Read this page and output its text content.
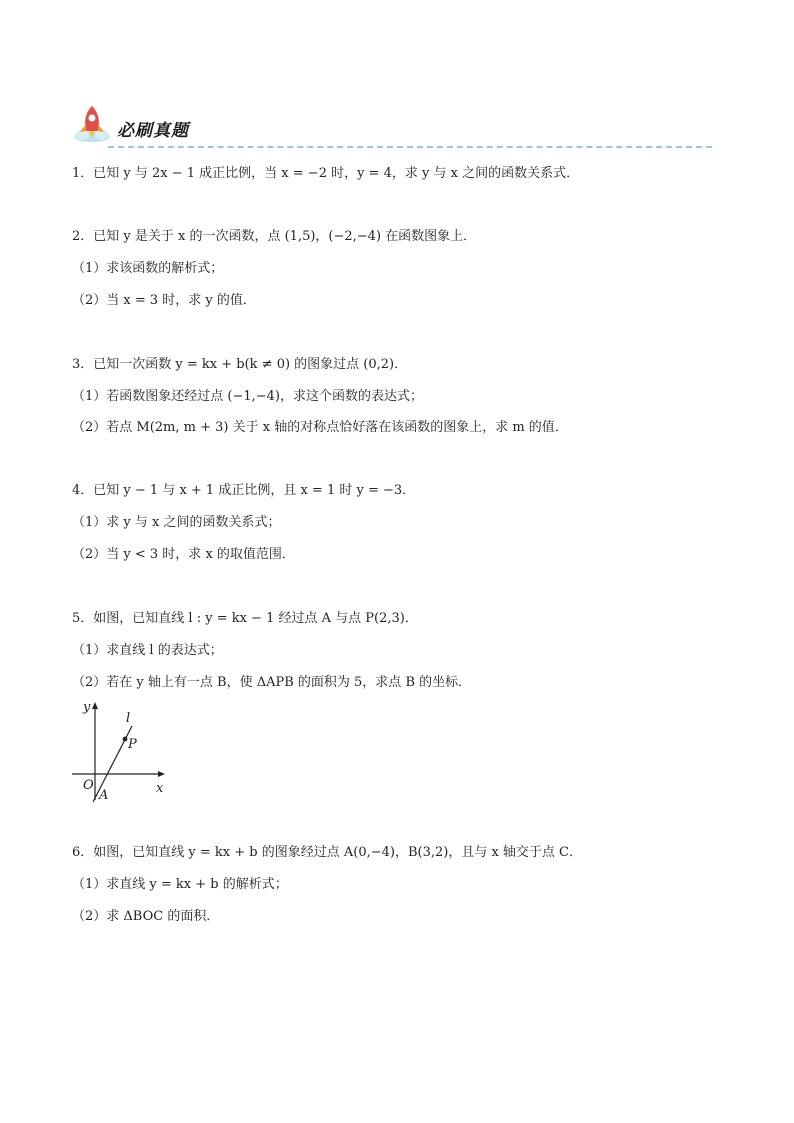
必刷真题
1．已知 y 与 2x − 1 成正比例，当 x = −2 时，y = 4，求 y 与 x 之间的函数关系式．
2．已知 y 是关于 x 的一次函数，点 (1,5)，(−2,−4) 在函数图象上．
（1）求该函数的解析式；
（2）当 x = 3 时，求 y 的值．
3．已知一次函数 y = kx + b(k ≠ 0) 的图象过点 (0,2)．
（1）若函数图象还经过点 (−1,−4)，求这个函数的表达式；
（2）若点 M(2m, m + 3) 关于 x 轴的对称点恰好落在该函数的图象上，求 m 的值．
4．已知 y − 1 与 x + 1 成正比例，且 x = 1 时 y = −3．
（1）求 y 与 x 之间的函数关系式；
（2）当 y < 3 时，求 x 的取值范围．
5．如图，已知直线 l : y = kx − 1 经过点 A 与点 P(2,3)．
（1）求直线 l 的表达式；
（2）若在 y 轴上有一点 B，使 ΔAPB 的面积为 5，求点 B 的坐标．
y
x
O
l
P
A
6．如图，已知直线 y = kx + b 的图象经过点 A(0,−4)，B(3,2)，且与 x 轴交于点 C．
（1）求直线 y = kx + b 的解析式；
（2）求 ΔBOC 的面积．
